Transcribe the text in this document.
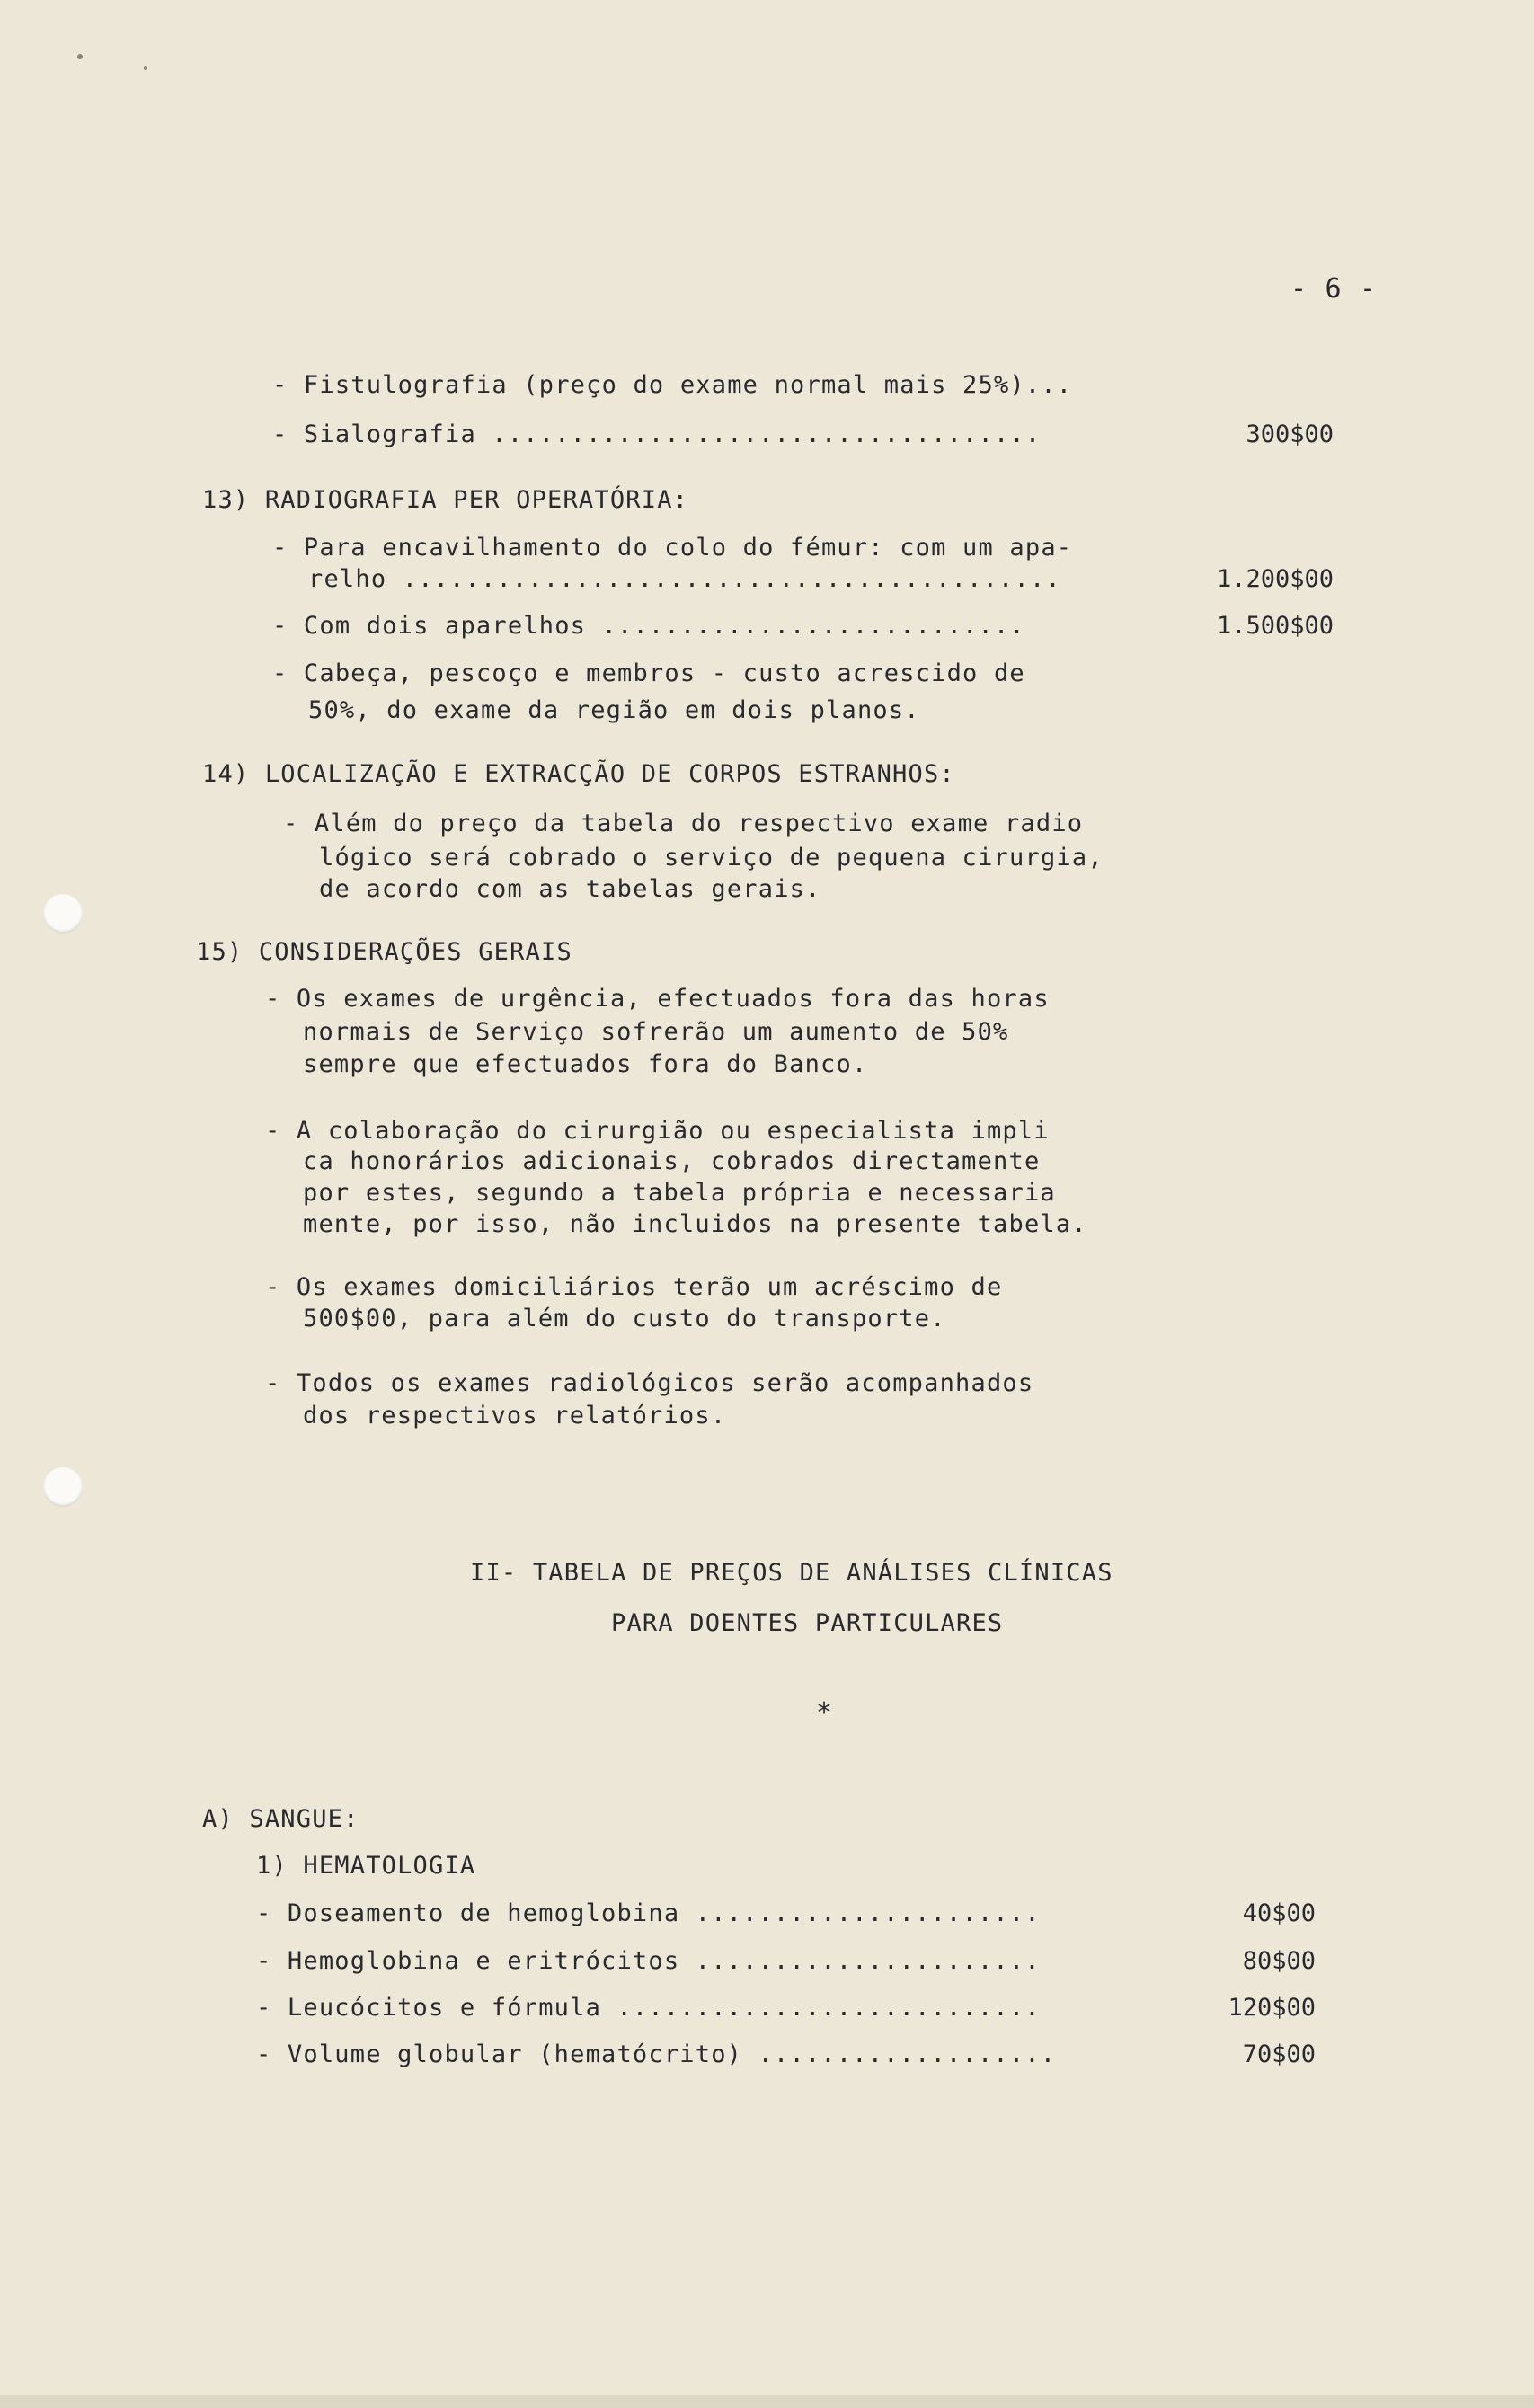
- 6 -
- Fistulografia (preço do exame normal mais 25%)...
- Sialografia ...................................	300$00
13) RADIOGRAFIA PER OPERATÓRIA:
- Para encavilhamento do colo do fémur: com um apa-
relho ..........................................	1.200$00
- Com dois aparelhos ...........................	1.500$00
- Cabeça, pescoço e membros - custo acrescido de
50%, do exame da região em dois planos.
14) LOCALIZAÇÃO E EXTRACÇÃO DE CORPOS ESTRANHOS:
- Além do preço da tabela do respectivo exame radio
lógico será cobrado o serviço de pequena cirurgia,
de acordo com as tabelas gerais.
15) CONSIDERAÇÕES GERAIS
- Os exames de urgência, efectuados fora das horas
normais de Serviço sofrerão um aumento de 50%
sempre que efectuados fora do Banco.
- A colaboração do cirurgião ou especialista impli
ca honorários adicionais, cobrados directamente
por estes, segundo a tabela própria e necessaria
mente, por isso, não incluidos na presente tabela.
- Os exames domiciliários terão um acréscimo de
500$00, para além do custo do transporte.
- Todos os exames radiológicos serão acompanhados
dos respectivos relatórios.
II- TABELA DE PREÇOS DE ANÁLISES CLÍNICAS
PARA DOENTES PARTICULARES
*
A) SANGUE:
1) HEMATOLOGIA
- Doseamento de hemoglobina ......................	40$00
- Hemoglobina e eritrócitos ......................	80$00
- Leucócitos e fórmula ...........................	120$00
- Volume globular (hematócrito) ...................	70$00
